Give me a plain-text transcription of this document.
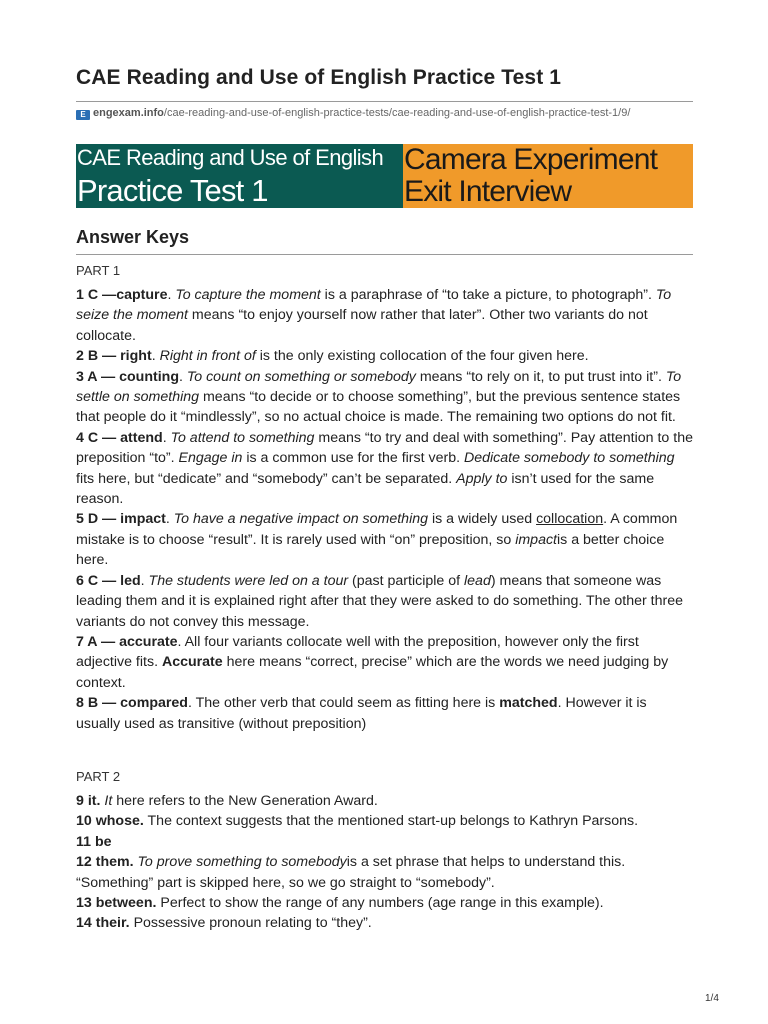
CAE Reading and Use of English Practice Test 1
E engexam.info/cae-reading-and-use-of-english-practice-tests/cae-reading-and-use-of-english-practice-test-1/9/
CAE Reading and Use of English
Practice Test 1
Camera Experiment
Exit Interview
Answer Keys
PART 1

1 C —capture. To capture the moment is a paraphrase of “to take a picture, to photograph”. To seize the moment means “to enjoy yourself now rather that later”. Other two variants do not collocate.

2 B — right. Right in front of is the only existing collocation of the four given here.

3 A — counting. To count on something or somebody means “to rely on it, to put trust into it”. To settle on something means “to decide or to choose something”, but the previous sentence states that people do it “mindlessly”, so no actual choice is made. The remaining two options do not fit.

4 C — attend. To attend to something means “to try and deal with something”. Pay attention to the preposition “to”. Engage in is a common use for the first verb. Dedicate somebody to something fits here, but “dedicate” and “somebody” can’t be separated. Apply to isn’t used for the same reason.

5 D — impact. To have a negative impact on something is a widely used collocation. A common mistake is to choose “result”. It is rarely used with “on” preposition, so impactis a better choice here.

6 C — led. The students were led on a tour (past participle of lead) means that someone was leading them and it is explained right after that they were asked to do something. The other three variants do not convey this message.

7 A — accurate. All four variants collocate well with the preposition, however only the first adjective fits. Accurate here means “correct, precise” which are the words we need judging by context.

8 B — compared. The other verb that could seem as fitting here is matched. However it is usually used as transitive (without preposition)

PART 2

9 it. It here refers to the New Generation Award.

10 whose. The context suggests that the mentioned start-up belongs to Kathryn Parsons.

11 be

12 them. To prove something to somebodyis a set phrase that helps to understand this. “Something” part is skipped here, so we go straight to “somebody”.

13 between. Perfect to show the range of any numbers (age range in this example).

14 their. Possessive pronoun relating to “they”.

1/4
